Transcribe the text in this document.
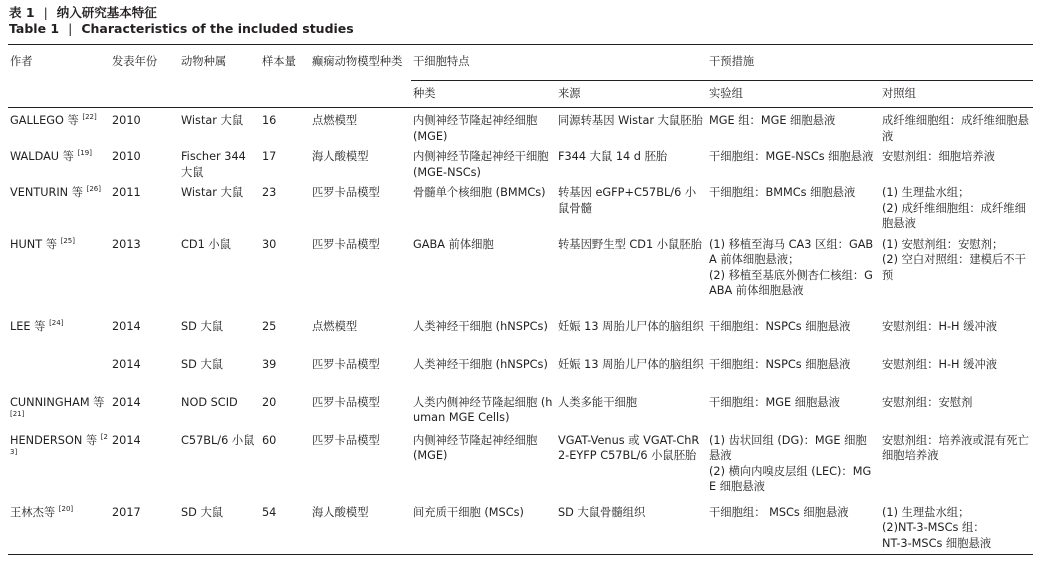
表 1 | 纳入研究基本特征
Table 1 | Characteristics of the included studies
作者	发表年份	动物种属	样本量	癫痫动物模型种类	干细胞特点		干预措施	
					种类	来源	实验组	对照组
GALLEGO 等 [22]	2010	Wistar 大鼠	16	点燃模型	内侧神经节隆起神经细胞 (MGE)	同源转基因 Wistar 大鼠胚胎	MGE 组：MGE 细胞悬液	成纤维细胞组：成纤维细胞悬液
WALDAU 等 [19]	2010	Fischer 344 大鼠	17	海人酸模型	内侧神经节隆起神经干细胞 (MGE-NSCs)	F344 大鼠 14 d 胚胎	干细胞组：MGE-NSCs 细胞悬液	安慰剂组：细胞培养液
VENTURIN 等 [26]	2011	Wistar 大鼠	23	匹罗卡品模型	骨髓单个核细胞 (BMMCs)	转基因 eGFP+C57BL/6 小鼠骨髓	干细胞组：BMMCs 细胞悬液	(1) 生理盐水组；
(2) 成纤维细胞组：成纤维细胞悬液
HUNT 等 [25]	2013	CD1 小鼠	30	匹罗卡品模型	GABA 前体细胞	转基因野生型 CD1 小鼠胚胎	(1) 移植至海马 CA3 区组：GABA 前体细胞悬液；
(2) 移植至基底外侧杏仁核组：GABA 前体细胞悬液	(1) 安慰剂组：安慰剂；
(2) 空白对照组：建模后不干预
LEE 等 [24]	2014	SD 大鼠	25	点燃模型	人类神经干细胞 (hNSPCs)	妊娠 13 周胎儿尸体的脑组织	干细胞组：NSPCs 细胞悬液	安慰剂组：H-H 缓冲液
	2014	SD 大鼠	39	匹罗卡品模型	人类神经干细胞 (hNSPCs)	妊娠 13 周胎儿尸体的脑组织	干细胞组：NSPCs 细胞悬液	安慰剂组：H-H 缓冲液
CUNNINGHAM 等 [21]	2014	NOD SCID	20	匹罗卡品模型	人类内侧神经节隆起细胞 (human MGE Cells)	人类多能干细胞	干细胞组：MGE 细胞悬液	安慰剂组：安慰剂
HENDERSON 等 [23]	2014	C57BL/6 小鼠	60	匹罗卡品模型	内侧神经节隆起神经细胞 (MGE)	VGAT-Venus 或 VGAT-ChR2-EYFP C57BL/6 小鼠胚胎	(1) 齿状回组 (DG)：MGE 细胞悬液
(2) 横向内嗅皮层组 (LEC)：MGE 细胞悬液	安慰剂组：培养液或混有死亡细胞培养液
王林杰等 [20]	2017	SD 大鼠	54	海人酸模型	间充质干细胞 (MSCs)	SD 大鼠骨髓组织	干细胞组： MSCs 细胞悬液	(1) 生理盐水组；
(2)NT-3-MSCs 组：
NT-3-MSCs 细胞悬液
